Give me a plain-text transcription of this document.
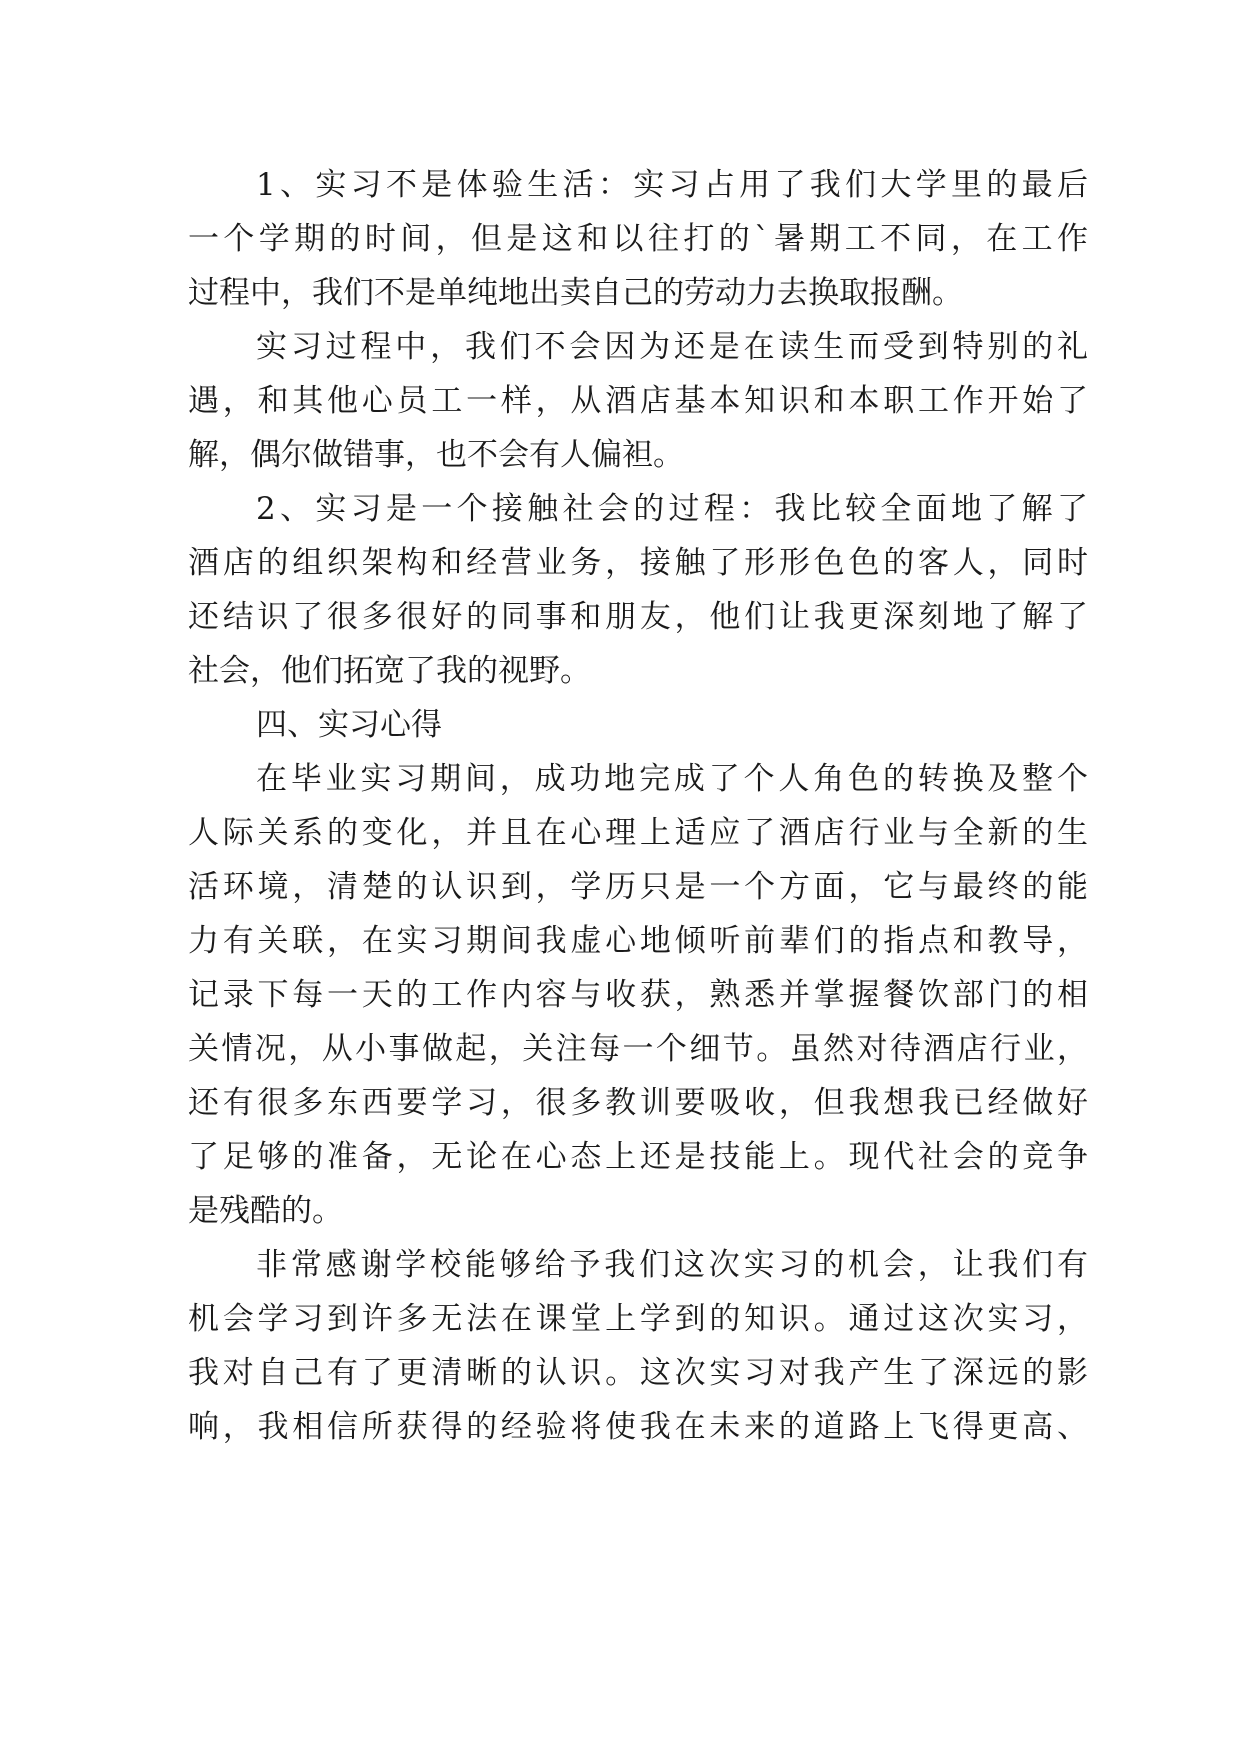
1、实习不是体验生活：实习占用了我们大学里的最后
一个学期的时间，但是这和以往打的`暑期工不同，在工作
过程中，我们不是单纯地出卖自己的劳动力去换取报酬。
实习过程中，我们不会因为还是在读生而受到特别的礼
遇，和其他心员工一样，从酒店基本知识和本职工作开始了
解，偶尔做错事，也不会有人偏袒。
2、实习是一个接触社会的过程：我比较全面地了解了
酒店的组织架构和经营业务，接触了形形色色的客人，同时
还结识了很多很好的同事和朋友，他们让我更深刻地了解了
社会，他们拓宽了我的视野。
四、实习心得
在毕业实习期间，成功地完成了个人角色的转换及整个
人际关系的变化，并且在心理上适应了酒店行业与全新的生
活环境，清楚的认识到，学历只是一个方面，它与最终的能
力有关联，在实习期间我虚心地倾听前辈们的指点和教导，
记录下每一天的工作内容与收获，熟悉并掌握餐饮部门的相
关情况，从小事做起，关注每一个细节。虽然对待酒店行业，
还有很多东西要学习，很多教训要吸收，但我想我已经做好
了足够的准备，无论在心态上还是技能上。现代社会的竞争
是残酷的。
非常感谢学校能够给予我们这次实习的机会，让我们有
机会学习到许多无法在课堂上学到的知识。通过这次实习，
我对自己有了更清晰的认识。这次实习对我产生了深远的影
响，我相信所获得的经验将使我在未来的道路上飞得更高、
